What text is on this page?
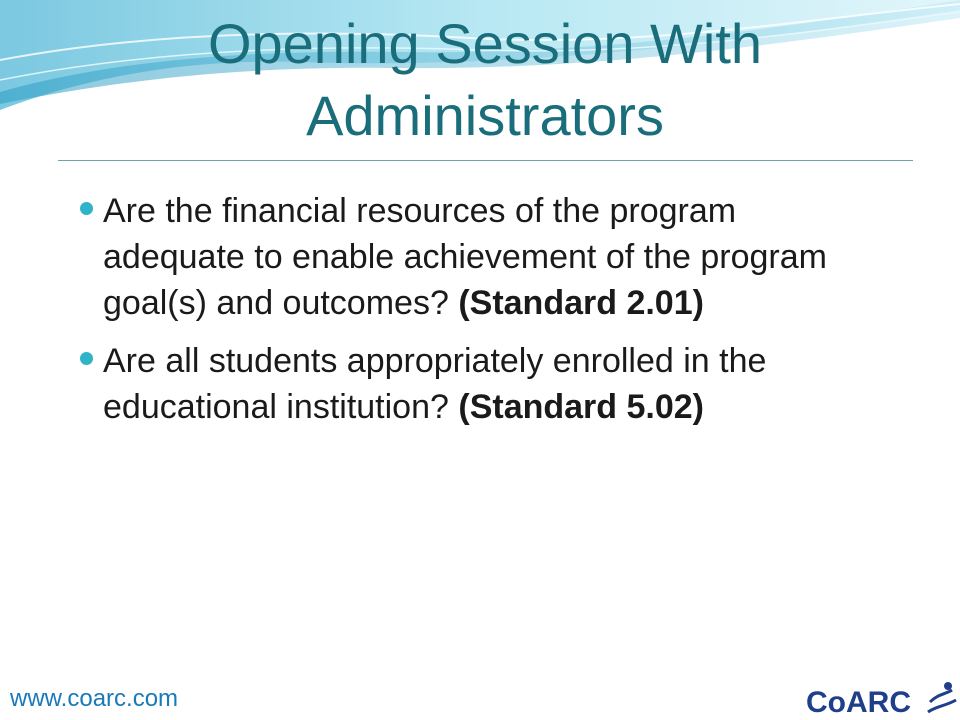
Opening Session With
Administrators
Are the financial resources of the program adequate to enable achievement of the program goal(s) and outcomes? (Standard 2.01)
Are all students appropriately enrolled in the educational institution? (Standard 5.02)
www.coarc.com	CoARC
